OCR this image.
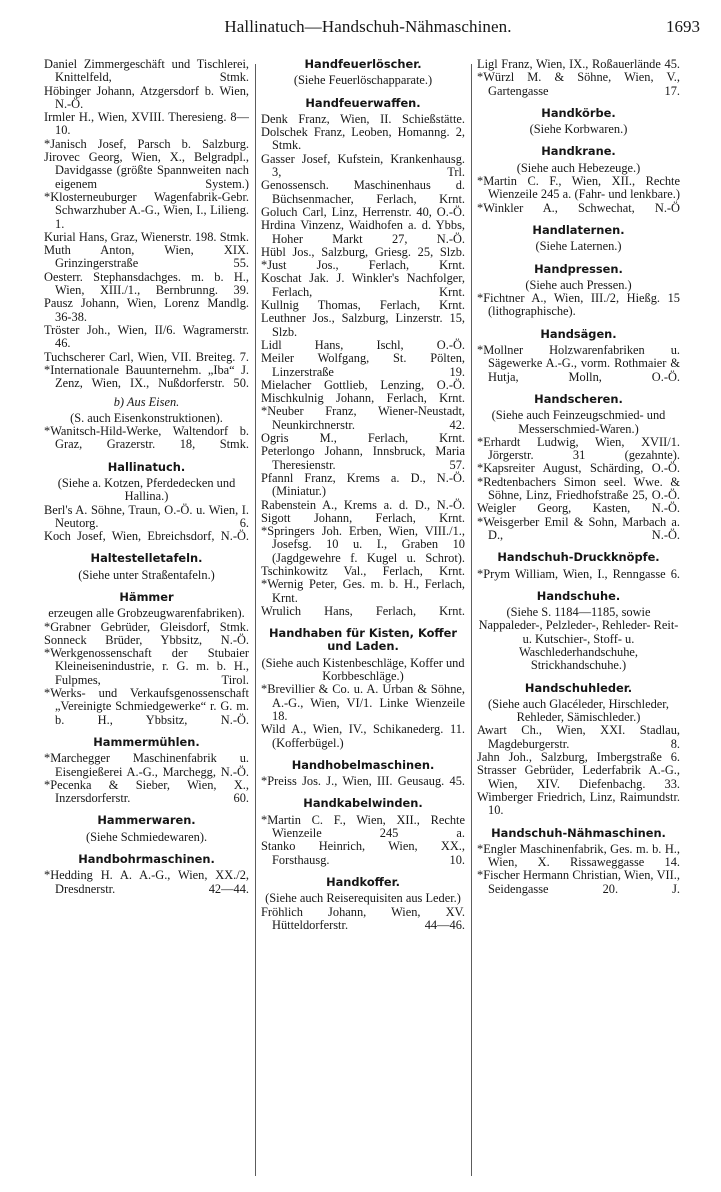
Hallinatuch—Handschuh-Nähmaschinen.	1693

Daniel Zimmergeschäft und Tischlerei, Knittelfeld, Stmk.

Höbinger Johann, Atzgersdorf b. Wien, N.-Ö.

Irmler H., Wien, XVIII. Theresieng. 8—10.

*Janisch Josef, Parsch b. Salzburg.

Jirovec Georg, Wien, X., Belgradpl., Davidgasse (größte Spannweiten nach eigenem System.)

*Klosterneuburger Wagenfabrik-Gebr. Schwarzhuber A.-G., Wien, I., Lilieng. 1.

Kurial Hans, Graz, Wienerstr. 198. Stmk.

Muth Anton, Wien, XIX. Grinzingerstraße 55.

Oesterr. Stephansdachges. m. b. H., Wien, XIII./1., Bernbrunng. 39.

Pausz Johann, Wien, Lorenz Mandlg. 36-38.

Tröster Joh., Wien, II/6. Wagramerstr. 46.

Tuchscherer Carl, Wien, VII. Breiteg. 7.

*Internationale Bauunternehm. „Iba“ J. Zenz, Wien, IX., Nußdorferstr. 50.

b) Aus Eisen.

(S. auch Eisenkonstruktionen).

*Wanitsch-Hild-Werke, Waltendorf b. Graz, Grazerstr. 18, Stmk.

Hallinatuch.

(Siehe a. Kotzen, Pferdedecken und Hallina.)

Berl's A. Söhne, Traun, O.-Ö. u. Wien, I. Neutorg. 6.

Koch Josef, Wien, Ebreichsdorf, N.-Ö.

Haltestelletafeln.

(Siehe unter Straßentafeln.)

Hämmer

erzeugen alle Grobzeugwarenfabriken).

*Grabner Gebrüder, Gleisdorf, Stmk.

Sonneck Brüder, Ybbsitz, N.-Ö.

*Werkgenossenschaft der Stubaier Kleineisenindustrie, r. G. m. b. H., Fulpmes, Tirol.

*Werks- und Verkaufsgenossenschaft „Vereinigte Schmiedgewerke“ r. G. m. b. H., Ybbsitz, N.-Ö.

Hammermühlen.

*Marchegger Maschinenfabrik u. Eisengießerei A.-G., Marchegg, N.-Ö.

*Pecenka & Sieber, Wien, X., Inzersdorferstr. 60.

Hammerwaren.

(Siehe Schmiedewaren).

Handbohrmaschinen.

*Hedding H. A. A.-G., Wien, XX./2, Dresdnerstr. 42—44.

Handfeuerlöscher.

(Siehe Feuerlöschapparate.)

Handfeuerwaffen.

Denk Franz, Wien, II. Schießstätte.

Dolschek Franz, Leoben, Homanng. 2, Stmk.

Gasser Josef, Kufstein, Krankenhausg. 3, Trl.

Genossensch. Maschinenhaus d. Büchsenmacher, Ferlach, Krnt.

Goluch Carl, Linz, Herrenstr. 40, O.-Ö.

Hrdina Vinzenz, Waidhofen a. d. Ybbs, Hoher Markt 27, N.-Ö.

Hübl Jos., Salzburg, Griesg. 25, Slzb.

*Just Jos., Ferlach, Krnt.

Koschat Jak. J. Winkler's Nachfolger, Ferlach, Krnt.

Kullnig Thomas, Ferlach, Krnt.

Leuthner Jos., Salzburg, Linzerstr. 15, Slzb.

Lidl Hans, Ischl, O.-Ö.

Meiler Wolfgang, St. Pölten, Linzerstraße 19.

Mielacher Gottlieb, Lenzing, O.-Ö.

Mischkulnig Johann, Ferlach, Krnt.

*Neuber Franz, Wiener-Neustadt, Neunkirchnerstr. 42.

Ogris M., Ferlach, Krnt.

Peterlongo Johann, Innsbruck, Maria Theresienstr. 57.

Pfannl Franz, Krems a. D., N.-Ö. (Miniatur.)

Rabenstein A., Krems a. d. D., N.-Ö.

Sigott Johann, Ferlach, Krnt.

*Springers Joh. Erben, Wien, VIII./1., Josefsg. 10 u. I., Graben 10 (Jagdgewehre f. Kugel u. Schrot).

Tschinkowitz Val., Ferlach, Krnt.

*Wernig Peter, Ges. m. b. H., Ferlach, Krnt.

Wrulich Hans, Ferlach, Krnt.

Handhaben für Kisten, Koffer und Laden.

(Siehe auch Kistenbeschläge, Koffer und Korbbeschläge.)

*Brevillier & Co. u. A. Urban & Söhne, A.-G., Wien, VI/1. Linke Wienzeile 18.

Wild A., Wien, IV., Schikanederg. 11. (Kofferbügel.)

Handhobelmaschinen.

*Preiss Jos. J., Wien, III. Geusaug. 45.

Handkabelwinden.

*Martin C. F., Wien, XII., Rechte Wienzeile 245 a.

Stanko Heinrich, Wien, XX., Forsthausg. 10.

Handkoffer.

(Siehe auch Reiserequisiten aus Leder.)

Fröhlich Johann, Wien, XV. Hütteldorferstr. 44—46.

Ligl Franz, Wien, IX., Roßauerlände 45.

*Würzl M. & Söhne, Wien, V., Gartengasse 17.

Handkörbe.

(Siehe Korbwaren.)

Handkrane.

(Siehe auch Hebezeuge.)

*Martin C. F., Wien, XII., Rechte Wienzeile 245 a. (Fahr- und lenkbare.)

*Winkler A., Schwechat, N.-Ö

Handlaternen.

(Siehe Laternen.)

Handpressen.

(Siehe auch Pressen.)

*Fichtner A., Wien, III./2, Hießg. 15 (lithographische).

Handsägen.

*Mollner Holzwarenfabriken u. Sägewerke A.-G., vorm. Rothmaier & Hutja, Molln, O.-Ö.

Handscheren.

(Siehe auch Feinzeugschmied- und Messerschmied-Waren.)

*Erhardt Ludwig, Wien, XVII/1. Jörgerstr. 31 (gezahnte).

*Kapsreiter August, Schärding, O.-Ö.

*Redtenbachers Simon seel. Wwe. & Söhne, Linz, Friedhofstraße 25, O.-Ö.

Weigler Georg, Kasten, N.-Ö.

*Weisgerber Emil & Sohn, Marbach a. D., N.-Ö.

Handschuh-Druckknöpfe.

*Prym William, Wien, I., Renngasse 6.

Handschuhe.

(Siehe S. 1184—1185, sowie Nappaleder-, Pelzleder-, Rehleder- Reit- u. Kutschier-, Stoff- u. Waschlederhandschuhe, Strickhandschuhe.)

Handschuhleder.

(Siehe auch Glacéleder, Hirschleder, Rehleder, Sämischleder.)

Awart Ch., Wien, XXI. Stadlau, Magdeburgerstr. 8.

Jahn Joh., Salzburg, Imbergstraße 6.

Strasser Gebrüder, Lederfabrik A.-G., Wien, XIV. Diefenbachg. 33.

Wimberger Friedrich, Linz, Raimundstr. 10.

Handschuh-Nähmaschinen.

*Engler Maschinenfabrik, Ges. m. b. H., Wien, X. Rissaweggasse 14.

*Fischer Hermann Christian, Wien, VII., Seidengasse 20. J.
